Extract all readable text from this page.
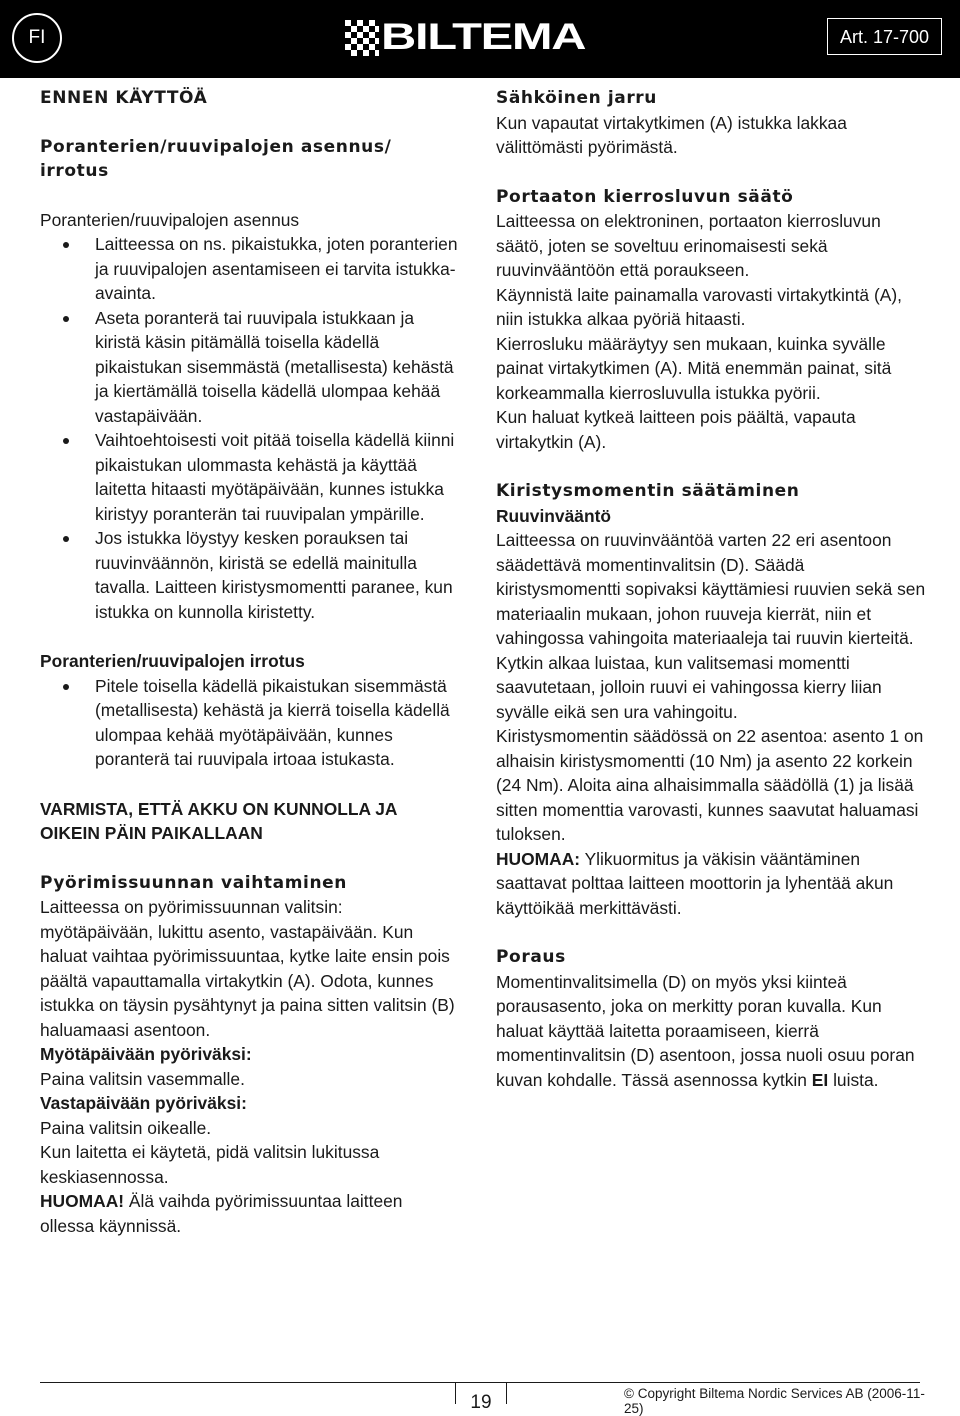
FI	BILTEMA	Art. 17-700
ENNEN KÄYTTÖÄ
Poranterien/ruuvipalojen asennus/ irrotus
Poranterien/ruuvipalojen asennus
Laitteessa on ns. pikaistukka, joten poranterien ja ruuvipalojen asentamiseen ei tarvita istukka-avainta.
Aseta poranterä tai ruuvipala istukkaan ja kiristä käsin pitämällä toisella kädellä pikaistukan sisemmästä (metallisesta) kehästä ja kiertämällä toisella kädellä ulompaa kehää vastapäivään.
Vaihtoehtoisesti voit pitää toisella kädellä kiinni pikaistukan ulommasta kehästä ja käyttää laitetta hitaasti myötäpäivään, kunnes istukka kiristyy poranterän tai ruuvipalan ympärille.
Jos istukka löystyy kesken porauksen tai ruuvinväännön, kiristä se edellä mainitulla tavalla. Laitteen kiristysmomentti paranee, kun istukka on kunnolla kiristetty.
Poranterien/ruuvipalojen irrotus
Pitele toisella kädellä pikaistukan sisemmästä (metallisesta) kehästä ja kierrä toisella kädellä ulompaa kehää myötäpäivään, kunnes poranterä tai ruuvipala irtoaa istukasta.
VARMISTA, ETTÄ AKKU ON KUNNOLLA JA OIKEIN PÄIN PAIKALLAAN
Pyörimissuunnan vaihtaminen

Laitteessa on pyörimissuunnan valitsin: myötäpäivään, lukittu asento, vastapäivään. Kun haluat vaihtaa pyörimissuuntaa, kytke laite ensin pois päältä vapauttamalla virtakytkin (A). Odota, kunnes istukka on täysin pysähtynyt ja paina sitten valitsin (B) haluamaasi asentoon.

Myötäpäivään pyöriväksi:

Paina valitsin vasemmalle.

Vastapäivään pyöriväksi:

Paina valitsin oikealle.

Kun laitetta ei käytetä, pidä valitsin lukitussa keskiasennossa.

HUOMAA! Älä vaihda pyörimissuuntaa laitteen ollessa käynnissä.

Sähköinen jarru

Kun vapautat virtakytkimen (A) istukka lakkaa välittömästi pyörimästä.

Portaaton kierrosluvun säätö

Laitteessa on elektroninen, portaaton kierrosluvun säätö, joten se soveltuu erinomaisesti sekä ruuvinvääntöön että poraukseen.

Käynnistä laite painamalla varovasti virtakytkintä (A), niin istukka alkaa pyöriä hitaasti.

Kierrosluku määräytyy sen mukaan, kuinka syvälle painat virtakytkimen (A). Mitä enemmän painat, sitä korkeammalla kierrosluvulla istukka pyörii.

Kun haluat kytkeä laitteen pois päältä, vapauta virtakytkin (A).

Kiristysmomentin säätäminen
Ruuvinvääntö

Laitteessa on ruuvinvääntöä varten 22 eri asentoon säädettävä momentinvalitsin (D). Säädä kiristysmomentti sopivaksi käyttämiesi ruuvien sekä sen materiaalin mukaan, johon ruuveja kierrät, niin et vahingossa vahingoita materiaaleja tai ruuvin kierteitä. Kytkin alkaa luistaa, kun valitsemasi momentti saavutetaan, jolloin ruuvi ei vahingossa kierry liian syvälle eikä sen ura vahingoitu.

Kiristysmomentin säädössä on 22 asentoa: asento 1 on alhaisin kiristysmomentti (10 Nm) ja asento 22 korkein (24 Nm). Aloita aina alhaisimmalla säädöllä (1) ja lisää sitten momenttia varovasti, kunnes saavutat haluamasi tuloksen.

HUOMAA: Ylikuormitus ja väkisin vääntäminen saattavat polttaa laitteen moottorin ja lyhentää akun käyttöikää merkittävästi.

Poraus

Momentinvalitsimella (D) on myös yksi kiinteä porausasento, joka on merkitty poran kuvalla. Kun haluat käyttää laitetta poraamiseen, kierrä momentinvalitsin (D) asentoon, jossa nuoli osuu poran kuvan kohdalle. Tässä asennossa kytkin EI luista.

19	© Copyright Biltema Nordic Services AB (2006-11-25)
